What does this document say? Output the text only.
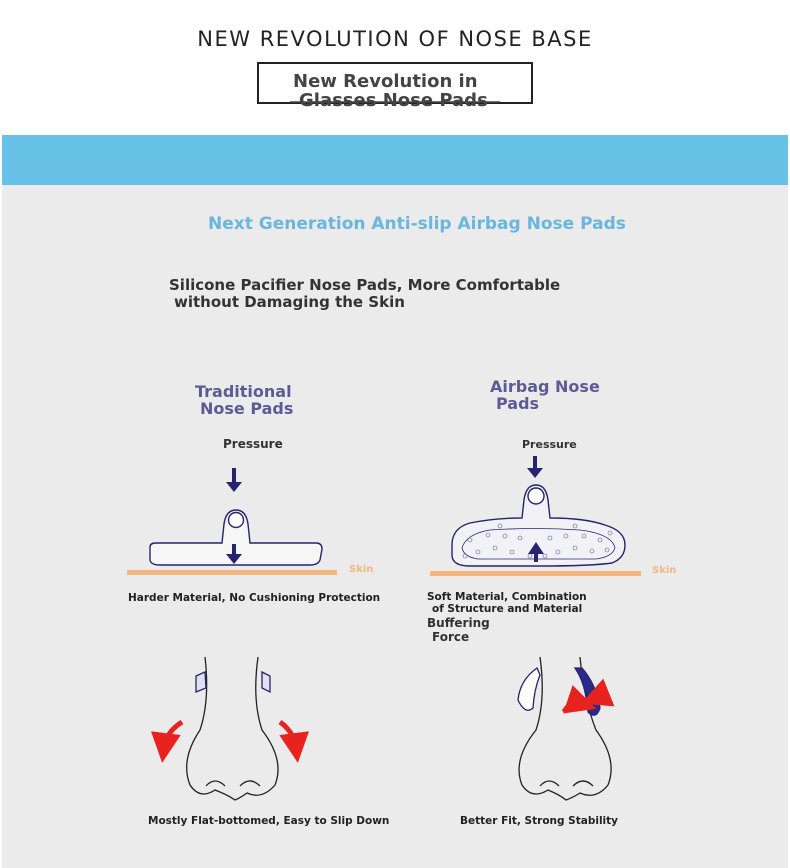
NEW REVOLUTION OF NOSE BASE
New Revolution in
Glasses Nose Pads
Next Generation Anti-slip Airbag Nose Pads
Silicone Pacifier Nose Pads, More Comfortable
without Damaging the Skin
Traditional
Nose Pads
Pressure
Skin
Harder Material, No Cushioning Protection
Mostly Flat-bottomed, Easy to Slip Down
Airbag Nose
Pads
Pressure
Skin
Soft Material, Combination
of Structure and Material
Buffering
Force
Better Fit, Strong Stability
